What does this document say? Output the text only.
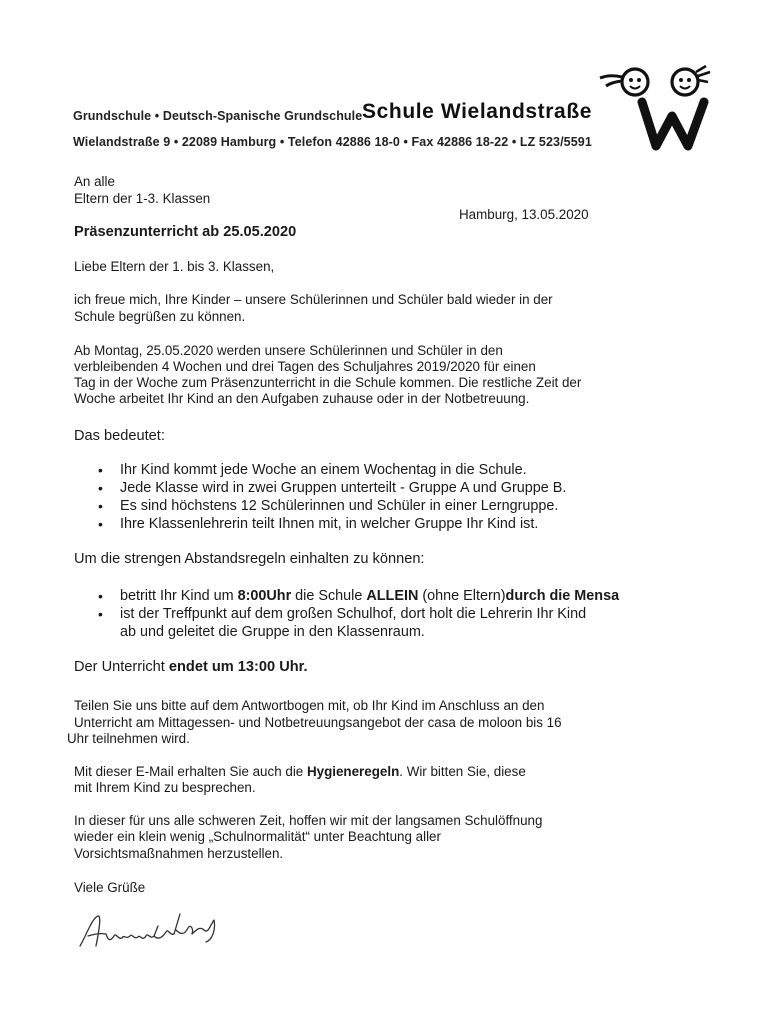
Grundschule • Deutsch-Spanische Grundschule Schule Wielandstraße
Wielandstraße 9 • 22089 Hamburg • Telefon 42886 18-0 • Fax 42886 18-22 • LZ 523/5591
An alle
Eltern der 1-3. Klassen
Hamburg, 13.05.2020
Präsenzunterricht ab 25.05.2020
Liebe Eltern der 1. bis 3. Klassen,
ich freue mich, Ihre Kinder – unsere Schülerinnen und Schüler bald wieder in der
Schule begrüßen zu können.
Ab Montag, 25.05.2020 werden unsere Schülerinnen und Schüler in den
verbleibenden 4 Wochen und drei Tagen des Schuljahres 2019/2020 für einen
Tag in der Woche zum Präsenzunterricht in die Schule kommen. Die restliche Zeit der
Woche arbeitet Ihr Kind an den Aufgaben zuhause oder in der Notbetreuung.
Das bedeutet:
• Ihr Kind kommt jede Woche an einem Wochentag in die Schule.
• Jede Klasse wird in zwei Gruppen unterteilt - Gruppe A und Gruppe B.
• Es sind höchstens 12 Schülerinnen und Schüler in einer Lerngruppe.
• Ihre Klassenlehrerin teilt Ihnen mit, in welcher Gruppe Ihr Kind ist.
Um die strengen Abstandsregeln einhalten zu können:
• betritt Ihr Kind um 8:00Uhr die Schule ALLEIN (ohne Eltern)durch die Mensa
• ist der Treffpunkt auf dem großen Schulhof, dort holt die Lehrerin Ihr Kind
ab und geleitet die Gruppe in den Klassenraum.
Der Unterricht endet um 13:00 Uhr.
Teilen Sie uns bitte auf dem Antwortbogen mit, ob Ihr Kind im Anschluss an den
Unterricht am Mittagessen- und Notbetreuungsangebot der casa de moloon bis 16
Uhr teilnehmen wird.
Mit dieser E-Mail erhalten Sie auch die Hygieneregeln. Wir bitten Sie, diese
mit Ihrem Kind zu besprechen.
In dieser für uns alle schweren Zeit, hoffen wir mit der langsamen Schulöffnung
wieder ein klein wenig „Schulnormalität“ unter Beachtung aller
Vorsichtsmaßnahmen herzustellen.
Viele Grüße
